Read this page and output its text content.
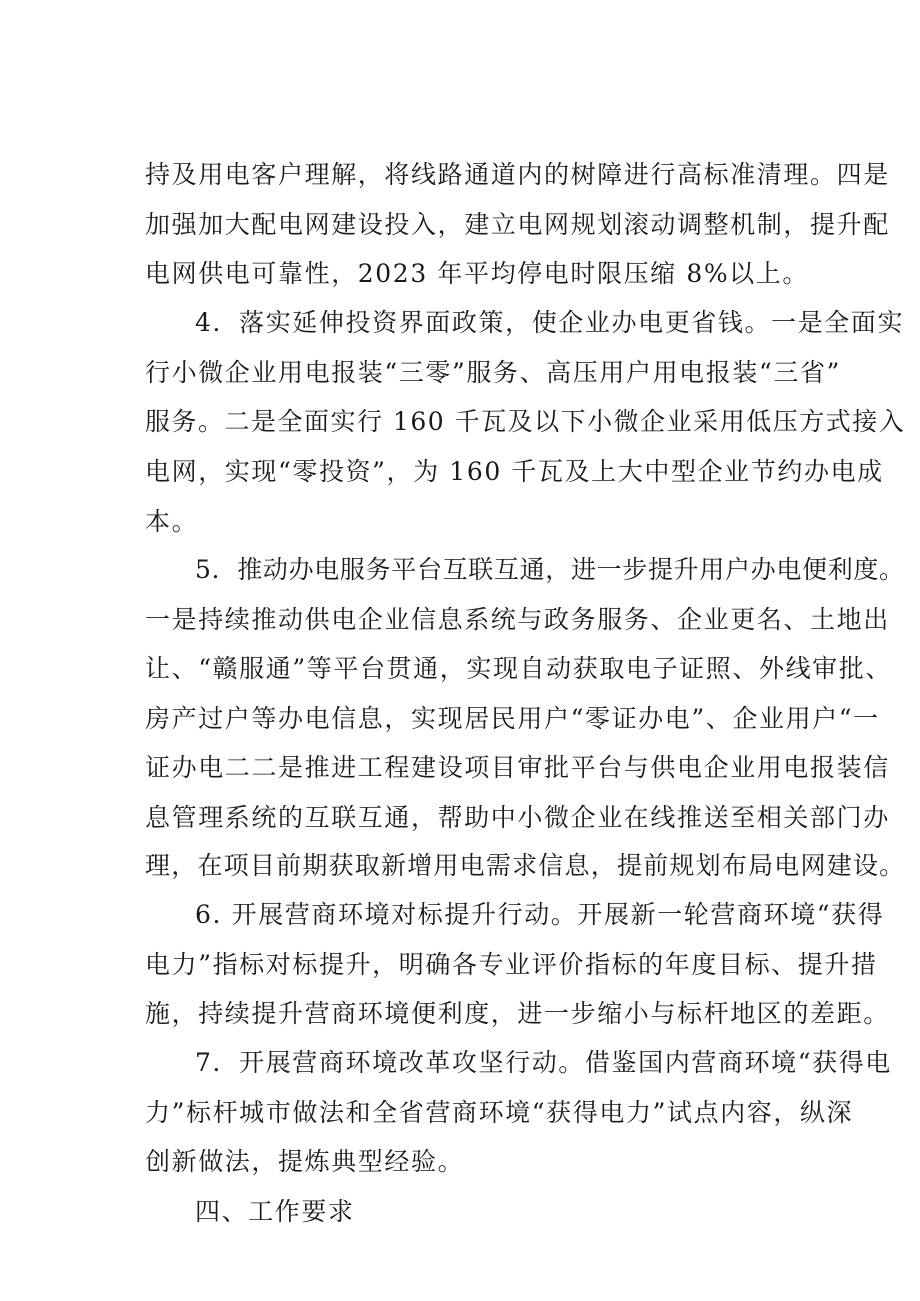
持及用电客户理解，将线路通道内的树障进行高标准清理。四是

加强加大配电网建设投入，建立电网规划滚动调整机制，提升配

电网供电可靠性，2023 年平均停电时限压缩 8%以上。

4．落实延伸投资界面政策，使企业办电更省钱。一是全面实

行小微企业用电报装“三零”服务、高压用户用电报装“三省”

服务。二是全面实行 160 千瓦及以下小微企业采用低压方式接入

电网，实现“零投资”，为 160 千瓦及上大中型企业节约办电成

本。

5．推动办电服务平台互联互通，进一步提升用户办电便利度。

一是持续推动供电企业信息系统与政务服务、企业更名、土地出

让、“赣服通”等平台贯通，实现自动获取电子证照、外线审批、

房产过户等办电信息，实现居民用户“零证办电”、企业用户“一

证办电二二是推进工程建设项目审批平台与供电企业用电报装信

息管理系统的互联互通，帮助中小微企业在线推送至相关部门办

理，在项目前期获取新增用电需求信息，提前规划布局电网建设。

6. 开展营商环境对标提升行动。开展新一轮营商环境“获得

电力”指标对标提升，明确各专业评价指标的年度目标、提升措

施，持续提升营商环境便利度，进一步缩小与标杆地区的差距。

7．开展营商环境改革攻坚行动。借鉴国内营商环境“获得电

力”标杆城市做法和全省营商环境“获得电力”试点内容，纵深

创新做法，提炼典型经验。

四、工作要求
